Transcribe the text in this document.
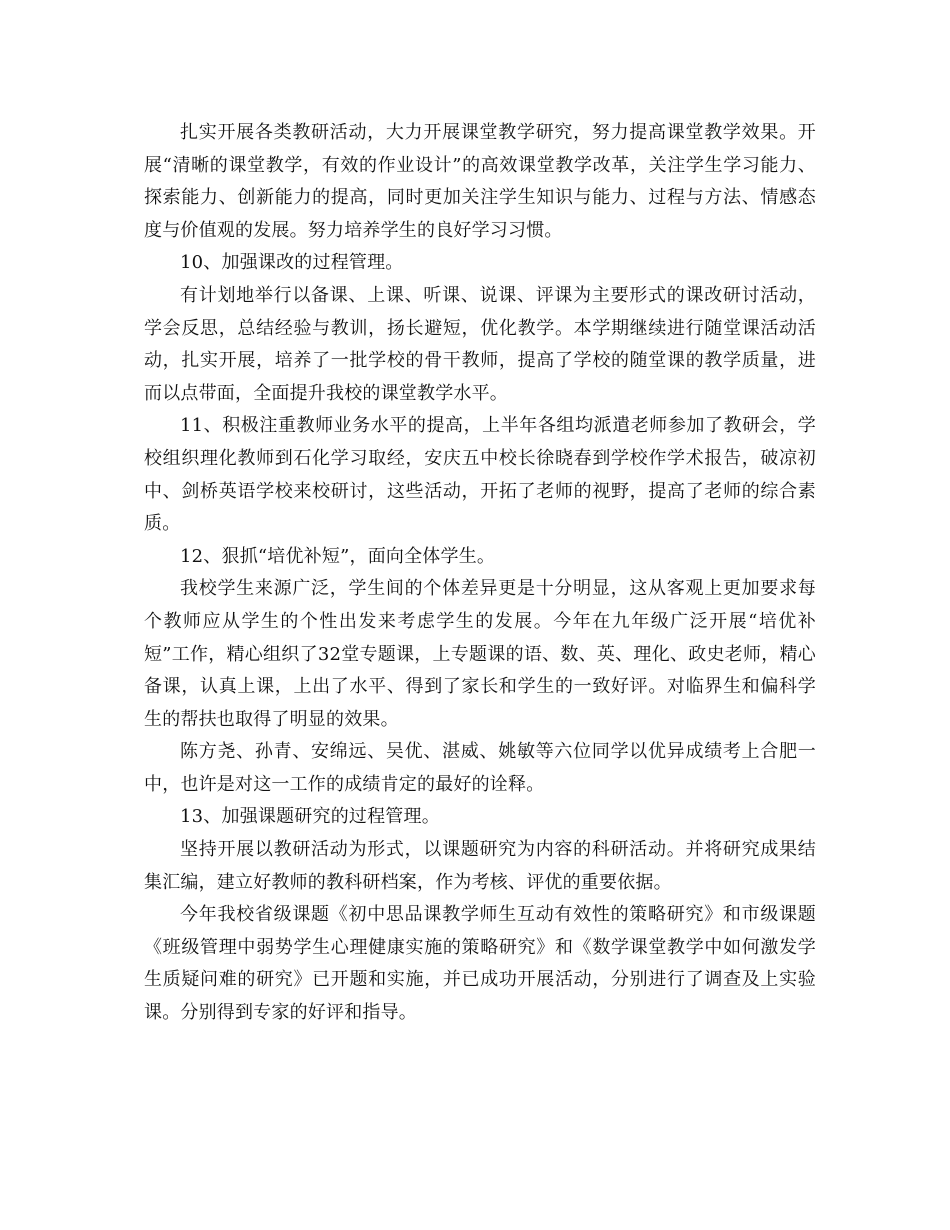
扎实开展各类教研活动，大力开展课堂教学研究，努力提高课堂教学效果。开展“清晰的课堂教学，有效的作业设计”的高效课堂教学改革，关注学生学习能力、探索能力、创新能力的提高，同时更加关注学生知识与能力、过程与方法、情感态度与价值观的发展。努力培养学生的良好学习习惯。

10、加强课改的过程管理。

有计划地举行以备课、上课、听课、说课、评课为主要形式的课改研讨活动，学会反思，总结经验与教训，扬长避短，优化教学。本学期继续进行随堂课活动活动，扎实开展，培养了一批学校的骨干教师，提高了学校的随堂课的教学质量，进而以点带面，全面提升我校的课堂教学水平。

11、积极注重教师业务水平的提高，上半年各组均派遣老师参加了教研会，学校组织理化教师到石化学习取经，安庆五中校长徐晓春到学校作学术报告，破凉初中、剑桥英语学校来校研讨，这些活动，开拓了老师的视野，提高了老师的综合素质。

12、狠抓“培优补短”，面向全体学生。

我校学生来源广泛，学生间的个体差异更是十分明显，这从客观上更加要求每个教师应从学生的个性出发来考虑学生的发展。今年在九年级广泛开展“培优补短”工作，精心组织了32堂专题课，上专题课的语、数、英、理化、政史老师，精心备课，认真上课，上出了水平、得到了家长和学生的一致好评。对临界生和偏科学生的帮扶也取得了明显的效果。

陈方尧、孙青、安绵远、吴优、湛威、姚敏等六位同学以优异成绩考上合肥一中，也许是对这一工作的成绩肯定的最好的诠释。

13、加强课题研究的过程管理。

坚持开展以教研活动为形式，以课题研究为内容的科研活动。并将研究成果结集汇编，建立好教师的教科研档案，作为考核、评优的重要依据。

今年我校省级课题《初中思品课教学师生互动有效性的策略研究》和市级课题《班级管理中弱势学生心理健康实施的策略研究》和《数学课堂教学中如何激发学生质疑问难的研究》已开题和实施，并已成功开展活动，分别进行了调查及上实验课。分别得到专家的好评和指导。
